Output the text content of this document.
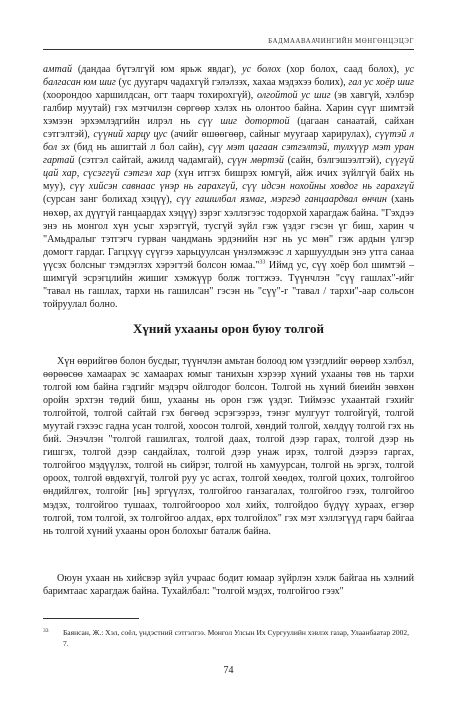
БАДМААВААЧИНГИЙН МӨНГӨНЦЭЦЭГ
амтай (дандаа бүтэлгүй юм ярьж явдаг), ус болох (хор болох, саад болох), ус балгасан юм шиг (ус дуугарч чадахгүй гэлэлзэх, хахаа мэдэхээ болих), гал ус хоёр шиг (хоорондоо харшилдсан, огт таарч тохирохгүй), олгойтой ус шиг (эв хавгүй, хэлбэр галбир муутай) гэх мэтчилэн сөргөөр хэлэх нь олонтоо байна. Харин сүүг шимтэй хэмээн эрхэмлэдгийн илрэл нь сүү шиг дотортой (цагаан санаатай, сайхан сэтгэлтэй), сүүний харцу цус (ачийг өшөөгөөр, сайныг муугаар харирулах), сүүтэй л бол эх (бид нь ашигтай л бол сайн), сүү мэт цагаан сэтгэлтэй, тулхүүр мэт уран гартай (сэтгэл сайтай, ажилд чадамгай), сүүн мөртэй (сайн, бэлгэшээлтэй), сүүгүй цай хар, сүсэггүй сэтгэл хар (хүн итгэх бишрэх юмгүй, айж ичих зүйлгүй байх нь муу), сүү хийсэн савнааc үнэр нь гарахгүй, сүү идсэн нохойны ховдог нь гарахгүй (сурсан занг болихад хэцүү), сүү гашилбал язмаг, мэргэд ганцаардвал өнчин (хань нөхөр, ах дүүгүй ганцаардах хэцүү) зэрэг хэллэгээс тодорхой харагдаж байна. "Гэхдээ энэ нь монгол хүн усыг хэрэггүй, тусгүй зүйл гэж үздэг гэсэн үг биш, харин ч "Амьдралыг тэтгэгч гурван чандмань эрдэнийн нэг нь ус мөн" гэж ардын үлгэр домогт гардаг. Гагцхүү сүүгээ харьцуулсан үнэлэмжээс л харшуулдын энэ утга санаа үүсэх болсныг тэмдэглэх хэрэгтэй болсон юмаа."$^{33}$ Иймд ус, сүү хоёр бол шимтэй – шимгүй эсрэгцлийн жишиг хэмжүүр болж тогтжээ. Түүнчлэн "сүү гашлах"-ийг "тавал нь гашлах, тархи нь гашилсан" гэсэн нь "сүү"-г "тавал / тархи"-аар сольсон тойруулал болно.
Хүний ухааны орон буюу толгой
Хүн өөрийгөө болон бусдыг, түүнчлэн амьтан болоод юм үзэгдлийг өөрөөр хэлбэл, өөрөөсөө хамаарах эс хамаарах юмыг танихын хэрээр хүний ухааны төв нь тархи толгой юм байна гэдгийг мэдэрч ойлгодог болсон. Толгой нь хүний биеийн зөвхөн оройн эрхтэн төдий биш, ухааны нь орон гэж үздэг. Тиймээс ухаантай гэхийг толгойтой, толгой сайтай гэх бөгөөд эсрэгээрээ, тэнэг мулгуут толгойгүй, толгой муутай гэхээс гадна усан толгой, хоосон толгой, хөндий толгой, хөлдүү толгой гэх нь бий. Энэчлэн "толгой гашилгах, толгой даах, толгой дээр гарах, толгой дээр нь гишгэх, толгой дээр сандайлах, толгой дээр унаж ирэх, толгой дээрээ гаргах, толгойгоо мэдүүлэх, толгой нь сийрэг, толгой нь хамуурсан, толгой нь эргэх, толгой ороох, толгой өвдөхгүй, толгой руу ус асгах, толгой хөөдөх, толгой цохих, толгойгоо өндийлгөх, толгойг [нь] эргүүлэх, толгойгоо ганзагалах, толгойгоо гээх, толгойгоо мэдэх, толгойгоо тушаах, толгойгоороо хол хийх, толгойдоо бүдүү хураах, егзөр толгой, том толгой, эх толгойгоо алдах, өрх толгойлох" гэх мэт хэллэгүүд гарч байгаа нь толгой хүний ухааны орон болохыг баталж байна.
Оюун ухаан нь хийсвэр зүйл учраас бодит юмаар зүйрлэн хэлж байгаа нь хэлний баримтаас харагдаж байна. Тухайлбал: "толгой мэдэх, толгойгоо гээх"
33	Баянсан, Ж.: Хэл, соёл, үндэстний сэтгэлгээ. Монгол Улсын Их Сургуулийн хэвлэх газар, Улаанбаатар 2002, 7.
74
